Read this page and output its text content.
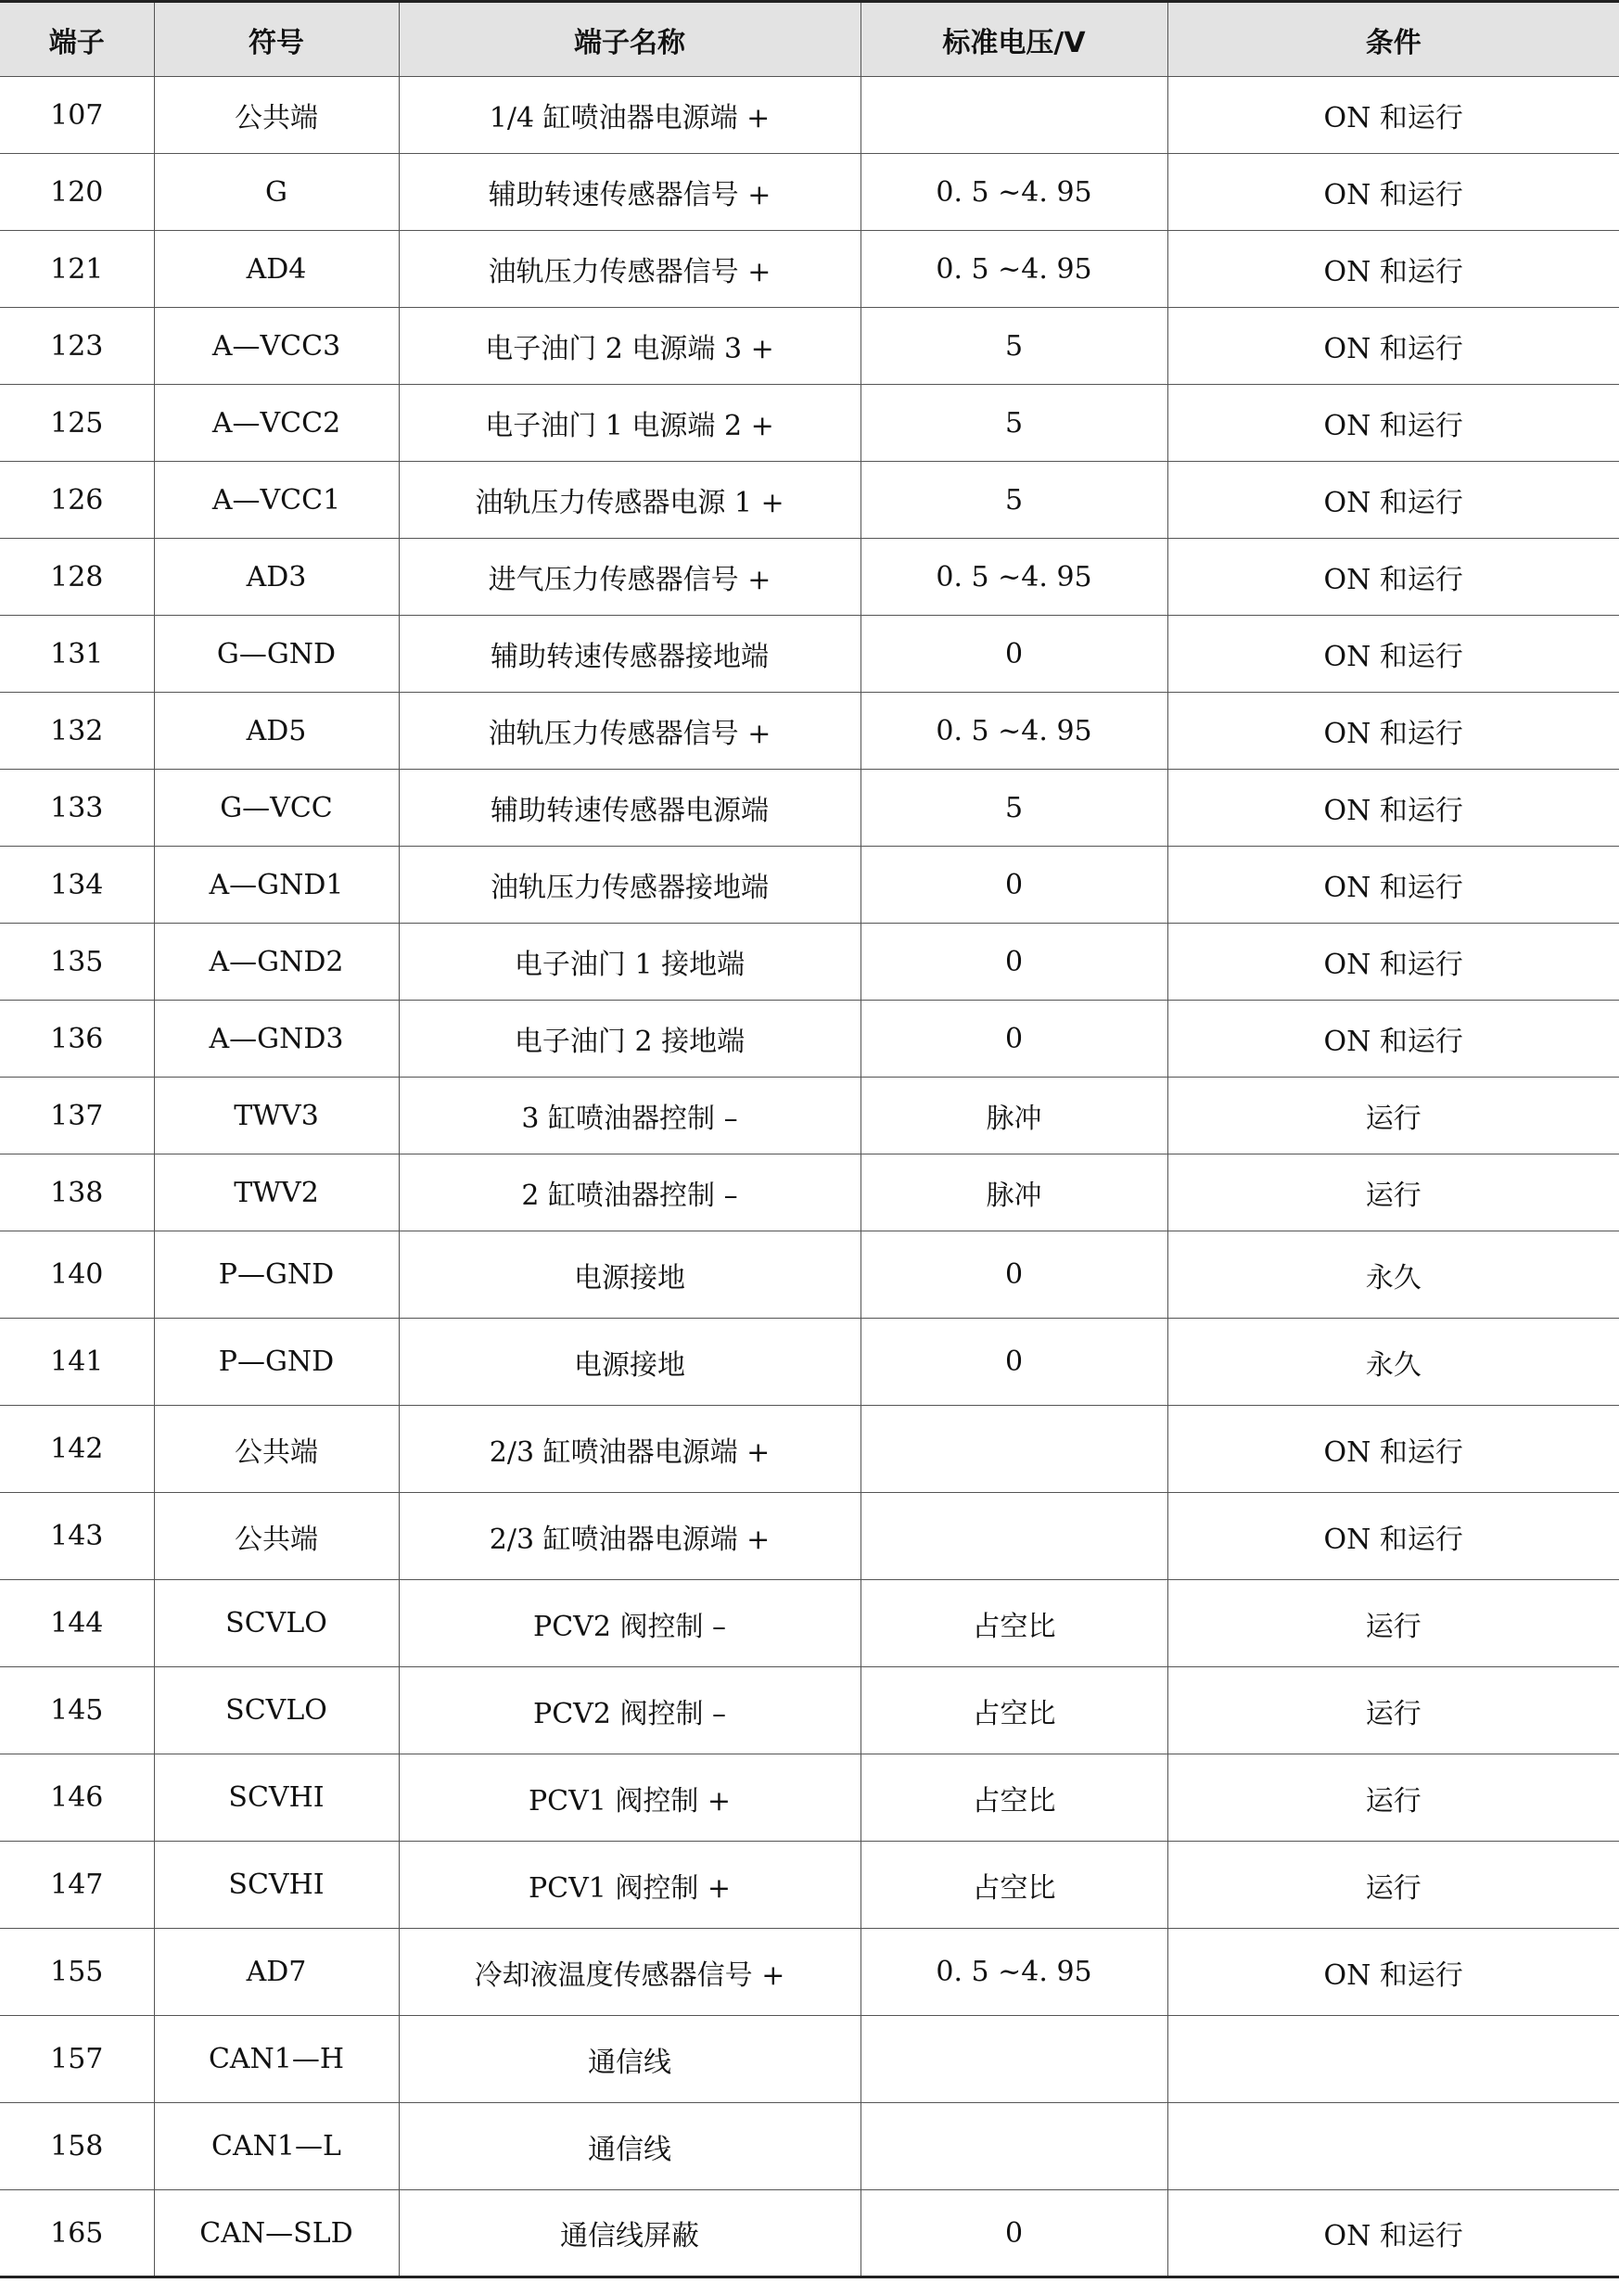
端子	符号	端子名称	标准电压/V	条件
107	公共端	1/4 缸喷油器电源端 +		ON 和运行
120	G	辅助转速传感器信号 +	0. 5 ~4. 95	ON 和运行
121	AD4	油轨压力传感器信号 +	0. 5 ~4. 95	ON 和运行
123	A—VCC3	电子油门 2 电源端 3 +	5	ON 和运行
125	A—VCC2	电子油门 1 电源端 2 +	5	ON 和运行
126	A—VCC1	油轨压力传感器电源 1 +	5	ON 和运行
128	AD3	进气压力传感器信号 +	0. 5 ~4. 95	ON 和运行
131	G—GND	辅助转速传感器接地端	0	ON 和运行
132	AD5	油轨压力传感器信号 +	0. 5 ~4. 95	ON 和运行
133	G—VCC	辅助转速传感器电源端	5	ON 和运行
134	A—GND1	油轨压力传感器接地端	0	ON 和运行
135	A—GND2	电子油门 1 接地端	0	ON 和运行
136	A—GND3	电子油门 2 接地端	0	ON 和运行
137	TWV3	3 缸喷油器控制 –	脉冲	运行
138	TWV2	2 缸喷油器控制 –	脉冲	运行
140	P—GND	电源接地	0	永久
141	P—GND	电源接地	0	永久
142	公共端	2/3 缸喷油器电源端 +		ON 和运行
143	公共端	2/3 缸喷油器电源端 +		ON 和运行
144	SCVLO	PCV2 阀控制 –	占空比	运行
145	SCVLO	PCV2 阀控制 –	占空比	运行
146	SCVHI	PCV1 阀控制 +	占空比	运行
147	SCVHI	PCV1 阀控制 +	占空比	运行
155	AD7	冷却液温度传感器信号 +	0. 5 ~4. 95	ON 和运行
157	CAN1—H	通信线		
158	CAN1—L	通信线		
165	CAN—SLD	通信线屏蔽	0	ON 和运行
